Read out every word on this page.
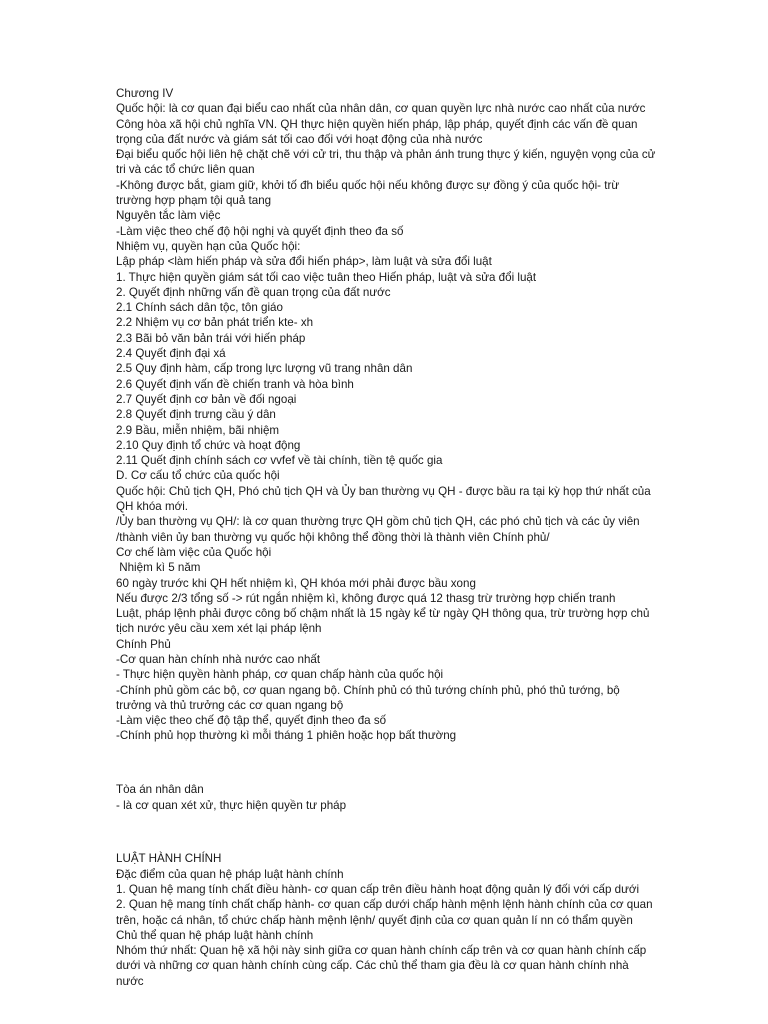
Chương IV

Quốc hội: là cơ quan đại biểu cao nhất của nhân dân, cơ quan quyền lực nhà nước cao nhất của nước Công hòa xã hội chủ nghĩa VN. QH thực hiện quyền hiến pháp, lập pháp, quyết định các vấn đề quan trọng của đất nước và giám sát tối cao đối với hoạt động của nhà nước

Đại biểu quốc hội liên hệ chặt chẽ với cử tri, thu thập và phản ánh trung thực ý kiến, nguyện vọng của cử tri và các tổ chức liên quan

-Không được bắt, giam giữ, khởi tố đh biểu quốc hội nếu không được sự đồng ý của quốc hội- trừ trường hợp phạm tội quả tang

Nguyên tắc làm việc

-Làm việc theo chế độ hội nghị và quyết định theo đa số

Nhiệm vụ, quyền hạn của Quốc hội:

Lập pháp <làm hiến pháp và sửa đổi hiến pháp>, làm luật và sửa đổi luật

1. Thực hiện quyền giám sát tối cao việc tuân theo Hiến pháp, luật và sửa đổi luật

2. Quyết định những vấn đề quan trọng của đất nước

2.1 Chính sách dân tộc, tôn giáo

2.2 Nhiệm vụ cơ bản phát triển kte- xh

2.3 Bãi bỏ văn bản trái với hiến pháp

2.4 Quyết định đại xá

2.5 Quy định hàm, cấp trong lực lượng vũ trang nhân dân

2.6 Quyết định vấn đề chiến tranh và hòa bình

2.7 Quyết định cơ bản về đối ngoại

2.8 Quyết định trưng cầu ý dân

2.9 Bầu, miễn nhiệm, bãi nhiệm

2.10 Quy định tổ chức và hoạt động

2.11 Quết định chính sách cơ vvfef về tài chính, tiền tệ quốc gia

D. Cơ cấu tổ chức của quốc hội

Quốc hội: Chủ tịch QH, Phó chủ tịch QH và Ủy ban thường vụ QH - được bầu ra tại kỳ họp thứ nhất của QH khóa mới.

/Ủy ban thường vụ QH/: là cơ quan thường trực QH gồm chủ tịch QH, các phó chủ tịch và các ủy viên /thành viên ủy ban thường vụ quốc hội không thể đồng thời là thành viên Chính phủ/

Cơ chế làm việc của Quốc hội

Nhiệm kì 5 năm

60 ngày trước khi QH hết nhiệm kì, QH khóa mới phải được bầu xong

Nếu được 2/3 tổng số -> rút ngắn nhiệm kì, không được quá 12 thasg trừ trường hợp chiến tranh

Luật, pháp lệnh phải được công bố chậm nhất là 15 ngày kể từ ngày QH thông qua, trừ trường hợp chủ tịch nước yêu cầu xem xét lại pháp lệnh

Chính Phủ

-Cơ quan hàn chính nhà nước cao nhất

- Thực hiện quyền hành pháp, cơ quan chấp hành của quốc hội

-Chính phủ gồm các bộ, cơ quan ngang bộ. Chính phủ có thủ tướng chính phủ, phó thủ tướng, bộ trưởng và thủ trưởng các cơ quan ngang bộ

-Làm việc theo chế độ tập thể, quyết định theo đa số

-Chính phủ họp thường kì mỗi tháng 1 phiên hoặc họp bất thường

Tòa án nhân dân

- là cơ quan xét xử, thực hiện quyền tư pháp

LUẬT HÀNH CHÍNH

Đặc điểm của quan hệ pháp luật hành chính

1. Quan hệ mang tính chất điều hành- cơ quan cấp trên điều hành hoạt động quản lý đối với cấp dưới

2. Quan hệ mang tính chất chấp hành- cơ quan cấp dưới chấp hành mệnh lệnh hành chính của cơ quan trên, hoặc cá nhân, tổ chức chấp hành mệnh lệnh/ quyết định của cơ quan quản lí nn có thẩm quyền

Chủ thể quan hệ pháp luật hành chính

Nhóm thứ nhất: Quan hệ xã hội này sinh giữa cơ quan hành chính cấp trên và cơ quan hành chính cấp dưới và những cơ quan hành chính cùng cấp. Các chủ thể tham gia đều là cơ quan hành chính nhà nước
